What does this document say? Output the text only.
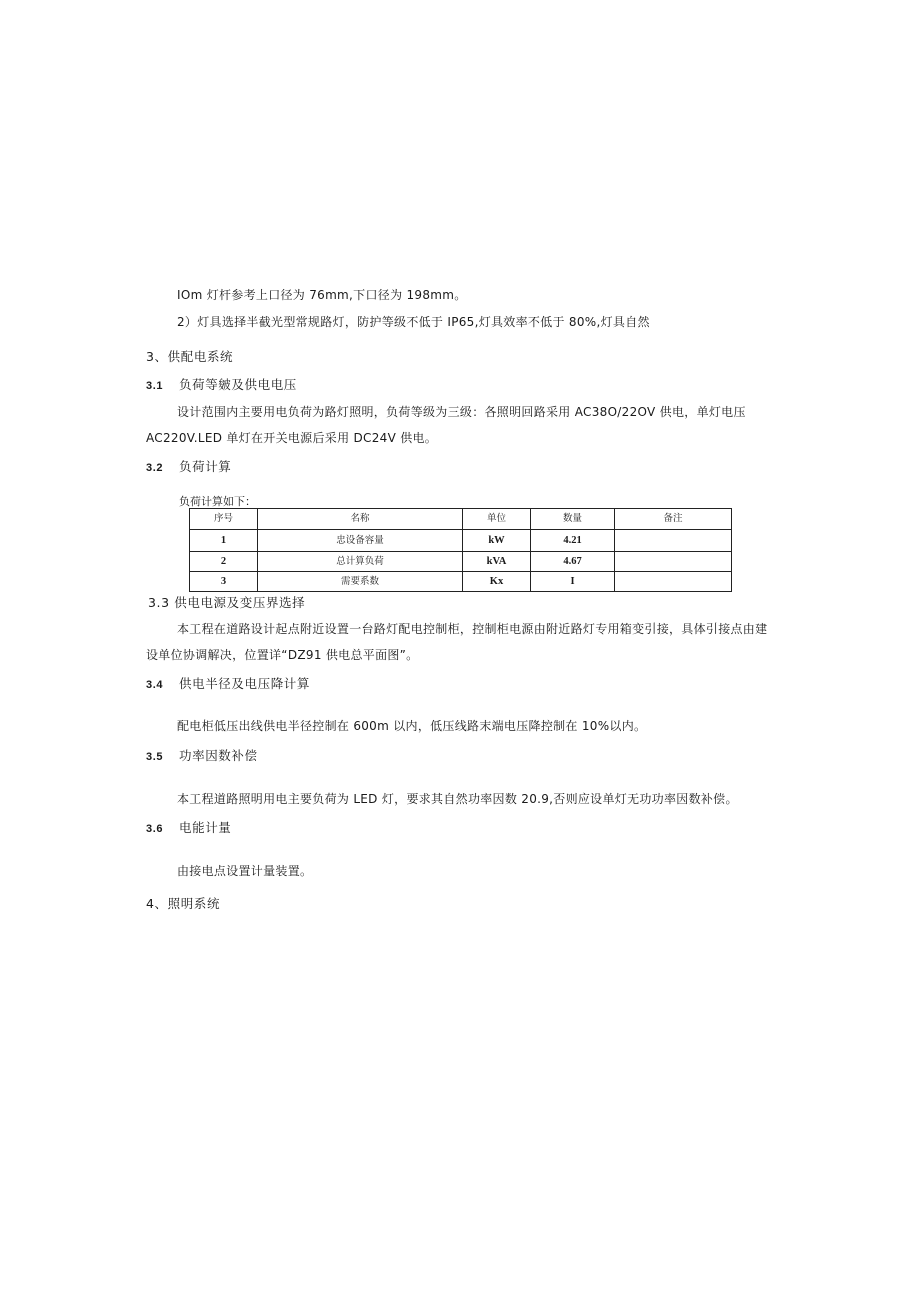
IOm 灯杆参考上口径为 76mm,下口径为 198mm。
2）灯具选择半截光型常规路灯，防护等级不低于 IP65,灯具效率不低于 80%,灯具自然
3、供配电系统
3.1 负荷等皴及供电电压
设计范围内主要用电负荷为路灯照明，负荷等级为三级：各照明回路采用 AC38O/22OV 供电，单灯电压
AC220V.LED 单灯在开关电源后采用 DC24V 供电。
3.2 负荷计算
负荷计算如下：
序号	名称	单位	数量	备注
1	忠设备容量	kW	4.21	
2	总计算负荷	kVA	4.67	
3	需要系数	Kx	I	
3.3 供电电源及变压界选择
本工程在道路设计起点附近设置一台路灯配电控制柜，控制柜电源由附近路灯专用箱变引接，具体引接点由建
设单位协调解决，位置详“DZ91 供电总平面图”。
3.4 供电半径及电压降计算
配电柜低压出线供电半径控制在 600m 以内，低压线路末端电压降控制在 10%以内。
3.5 功率因数补偿
本工程道路照明用电主要负荷为 LED 灯，要求其自然功率因数 20.9,否则应设单灯无功功率因数补偿。
3.6 电能计量
由接电点设置计量装置。
4、照明系统
